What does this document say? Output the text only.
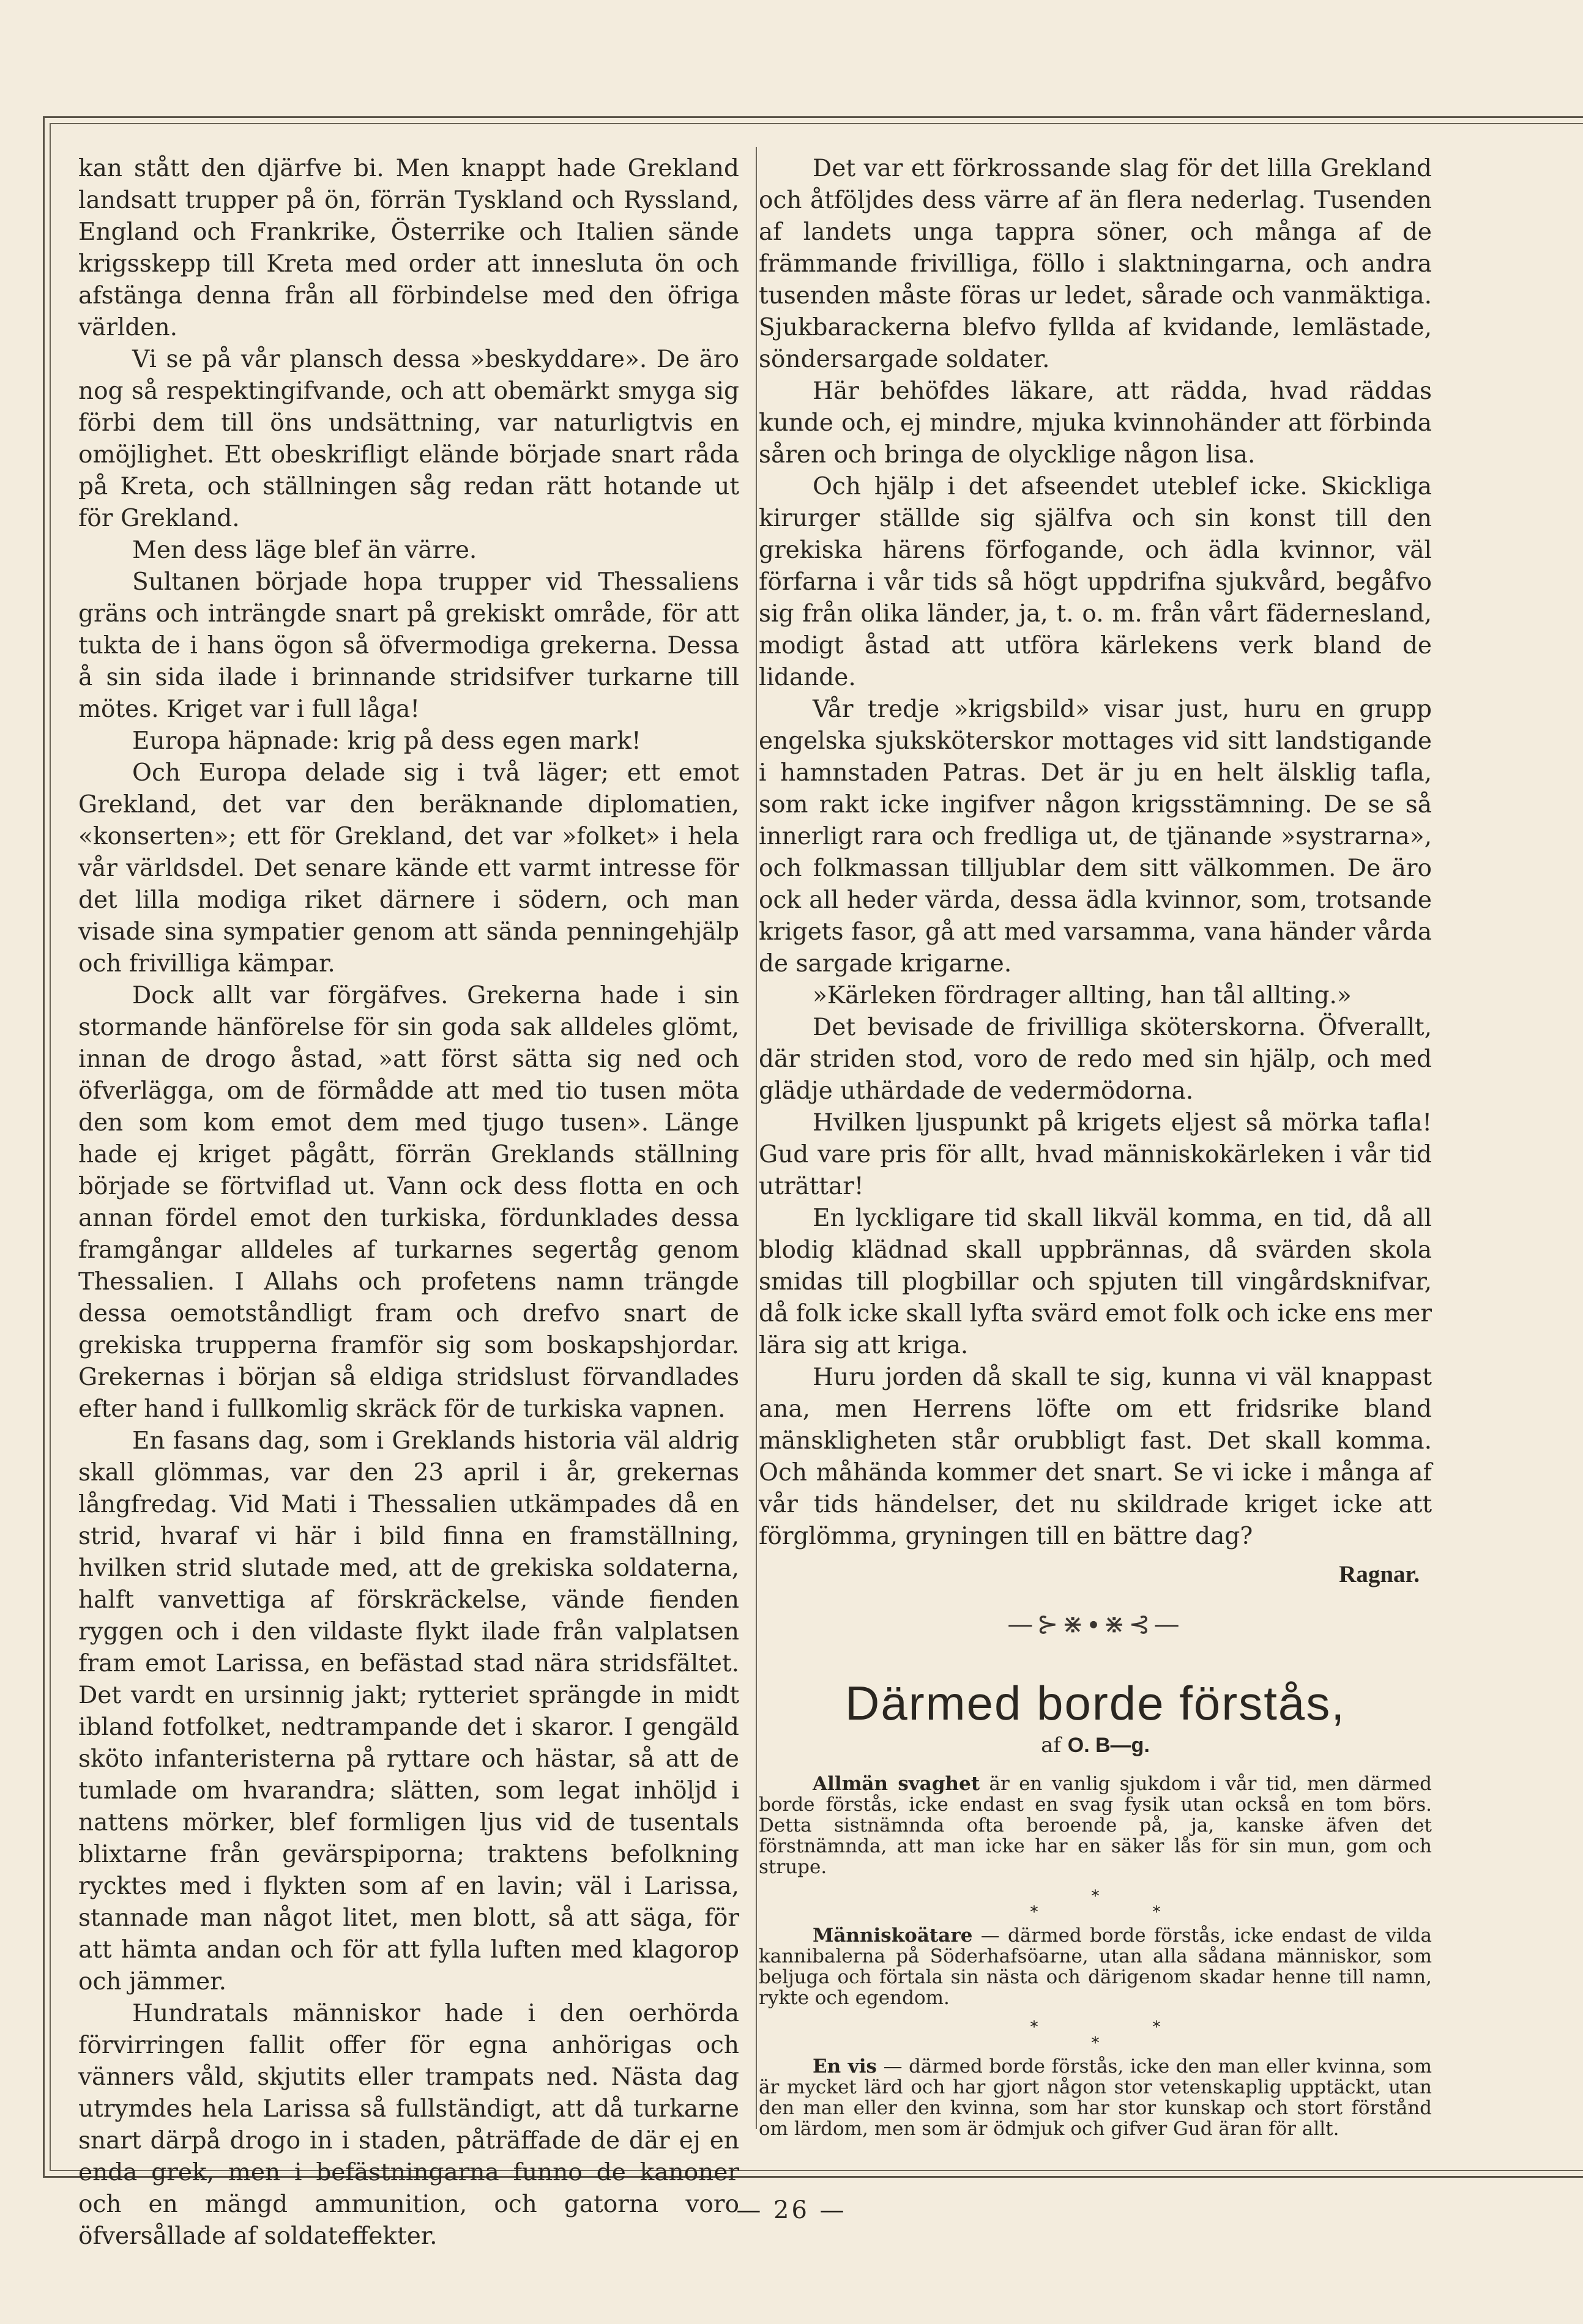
kan stått den djärfve bi. Men knappt hade Grekland landsatt trupper på ön, förrän Tyskland och Ryssland, England och Frankrike, Österrike och Italien sände krigsskepp till Kreta med order att innesluta ön och afstänga denna från all förbindelse med den öfriga världen.

Vi se på vår plansch dessa »beskyddare». De äro nog så respektingifvande, och att obemärkt smyga sig förbi dem till öns undsättning, var naturligtvis en omöjlighet. Ett obeskrifligt elände började snart råda på Kreta, och ställningen såg redan rätt hotande ut för Grekland.

Men dess läge blef än värre.

Sultanen började hopa trupper vid Thessaliens gräns och inträngde snart på grekiskt område, för att tukta de i hans ögon så öfvermodiga grekerna. Dessa å sin sida ilade i brinnande stridsifver turkarne till mötes. Kriget var i full låga!

Europa häpnade: krig på dess egen mark!

Och Europa delade sig i två läger; ett emot Grekland, det var den beräknande diplomatien, «konserten»; ett för Grekland, det var »folket» i hela vår världsdel. Det senare kände ett varmt intresse för det lilla modiga riket därnere i södern, och man visade sina sympatier genom att sända penningehjälp och frivilliga kämpar.

Dock allt var förgäfves. Grekerna hade i sin stormande hänförelse för sin goda sak alldeles glömt, innan de drogo åstad, »att först sätta sig ned och öfverlägga, om de förmådde att med tio tusen möta den som kom emot dem med tjugo tusen». Länge hade ej kriget pågått, förrän Greklands ställning började se förtviflad ut. Vann ock dess flotta en och annan fördel emot den turkiska, fördunklades dessa framgångar alldeles af turkarnes segertåg genom Thessalien. I Allahs och profetens namn trängde dessa oemotståndligt fram och drefvo snart de grekiska trupperna framför sig som boskapshjordar. Grekernas i början så eldiga stridslust förvandlades efter hand i fullkomlig skräck för de turkiska vapnen.

En fasans dag, som i Greklands historia väl aldrig skall glömmas, var den 23 april i år, grekernas långfredag. Vid Mati i Thessalien utkämpades då en strid, hvaraf vi här i bild finna en framställning, hvilken strid slutade med, att de grekiska soldaterna, halft vanvettiga af förskräckelse, vände fienden ryggen och i den vildaste flykt ilade från valplatsen fram emot Larissa, en befästad stad nära stridsfältet. Det vardt en ursinnig jakt; rytteriet sprängde in midt ibland fotfolket, nedtrampande det i skaror. I gengäld sköto infanteristerna på ryttare och hästar, så att de tumlade om hvarandra; slätten, som legat inhöljd i nattens mörker, blef formligen ljus vid de tusentals blixtarne från gevärspiporna; traktens befolkning rycktes med i flykten som af en lavin; väl i Larissa, stannade man något litet, men blott, så att säga, för att hämta andan och för att fylla luften med klagorop och jämmer.

Hundratals människor hade i den oerhörda förvirringen fallit offer för egna anhörigas och vänners våld, skjutits eller trampats ned. Nästa dag utrymdes hela Larissa så fullständigt, att då turkarne snart därpå drogo in i staden, påträffade de där ej en enda grek, men i befästningarna funno de kanoner och en mängd ammunition, och gatorna voro öfversållade af soldateffekter.

Det var ett förkrossande slag för det lilla Grekland och åtföljdes dess värre af än flera nederlag. Tusenden af landets unga tappra söner, och många af de främmande frivilliga, föllo i slaktningarna, och andra tusenden måste föras ur ledet, sårade och vanmäktiga. Sjukbarackerna blefvo fyllda af kvidande, lemlästade, söndersargade soldater.

Här behöfdes läkare, att rädda, hvad räddas kunde och, ej mindre, mjuka kvinnohänder att förbinda såren och bringa de olycklige någon lisa.

Och hjälp i det afseendet uteblef icke. Skickliga kirurger ställde sig själfva och sin konst till den grekiska härens förfogande, och ädla kvinnor, väl förfarna i vår tids så högt uppdrifna sjukvård, begåfvo sig från olika länder, ja, t. o. m. från vårt fädernesland, modigt åstad att utföra kärlekens verk bland de lidande.

Vår tredje »krigsbild» visar just, huru en grupp engelska sjuksköterskor mottages vid sitt landstigande i hamnstaden Patras. Det är ju en helt älsklig tafla, som rakt icke ingifver någon krigsstämning. De se så innerligt rara och fredliga ut, de tjänande »systrarna», och folkmassan tilljublar dem sitt välkommen. De äro ock all heder värda, dessa ädla kvinnor, som, trotsande krigets fasor, gå att med varsamma, vana händer vårda de sargade krigarne.

»Kärleken fördrager allting, han tål allting.»

Det bevisade de frivilliga sköterskorna. Öfverallt, där striden stod, voro de redo med sin hjälp, och med glädje uthärdade de vedermödorna.

Hvilken ljuspunkt på krigets eljest så mörka tafla! Gud vare pris för allt, hvad människokärleken i vår tid uträttar!

En lyckligare tid skall likväl komma, en tid, då all blodig klädnad skall uppbrännas, då svärden skola smidas till plogbillar och spjuten till vingårdsknifvar, då folk icke skall lyfta svärd emot folk och icke ens mer lära sig att kriga.

Huru jorden då skall te sig, kunna vi väl knappast ana, men Herrens löfte om ett fridsrike bland mänskligheten står orubbligt fast. Det skall komma. Och måhända kommer det snart. Se vi icke i många af vår tids händelser, det nu skildrade kriget icke att förglömma, gryningen till en bättre dag?

Ragnar.

—⊱⋇∙⋇⊰—
Därmed borde förstås,
af O. B—g.

Allmän svaghet är en vanlig sjukdom i vår tid, men därmed borde förstås, icke endast en svag fysik utan också en tom börs. Detta sistnämnda ofta beroende på, ja, kanske äfven det förstnämnda, att man icke har en säker lås för sin mun, gom och strupe.

*
*	*

Människoätare — därmed borde förstås, icke endast de vilda kannibalerna på Söderhafsöarne, utan alla sådana människor, som beljuga och förtala sin nästa och därigenom skadar henne till namn, rykte och egendom.

*	*
*

En vis — därmed borde förstås, icke den man eller kvinna, som är mycket lärd och har gjort någon stor vetenskaplig upptäckt, utan den man eller den kvinna, som har stor kunskap och stort förstånd om lärdom, men som är ödmjuk och gifver Gud äran för allt.

— 26 —
